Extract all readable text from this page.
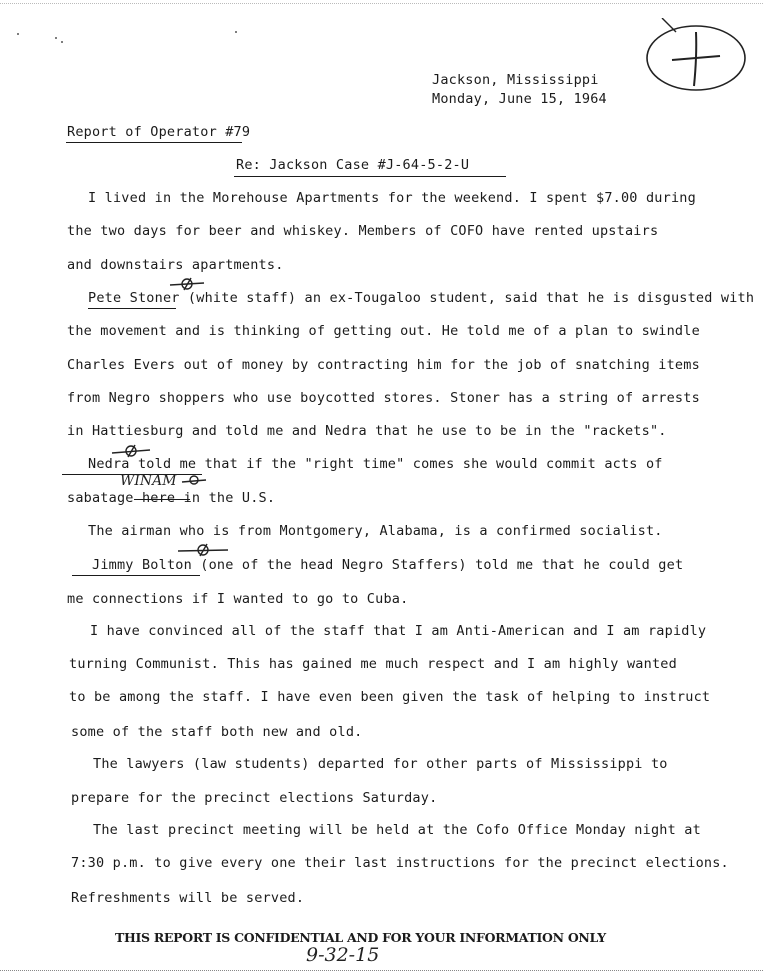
Jackson, Mississippi
Monday, June 15, 1964
Report of Operator #79
Re: Jackson Case #J-64-5-2-U
I lived in the Morehouse Apartments for the weekend. I spent $7.00 during
the two days for beer and whiskey. Members of COFO have rented upstairs
and downstairs apartments.
Pete Stoner (white staff) an ex-Tougaloo student, said that he is disgusted with
the movement and is thinking of getting out. He told me of a plan to swindle
Charles Evers out of money by contracting him for the job of snatching items
from Negro shoppers who use boycotted stores. Stoner has a string of arrests
in Hattiesburg and told me and Nedra that he use to be in the "rackets".
Nedra told me that if the "right time" comes she would commit acts of
WINAM
sabatage here in the U.S.
The airman who is from Montgomery, Alabama, is a confirmed socialist.
Jimmy Bolton (one of the head Negro Staffers) told me that he could get
me connections if I wanted to go to Cuba.
I have convinced all of the staff that I am Anti-American and I am rapidly
turning Communist. This has gained me much respect and I am highly wanted
to be among the staff. I have even been given the task of helping to instruct
some of the staff both new and old.
The lawyers (law students) departed for other parts of Mississippi to
prepare for the precinct elections Saturday.
The last precinct meeting will be held at the Cofo Office Monday night at
7:30 p.m. to give every one their last instructions for the precinct elections.
Refreshments will be served.
THIS REPORT IS CONFIDENTIAL AND FOR YOUR INFORMATION ONLY
9-32-15
